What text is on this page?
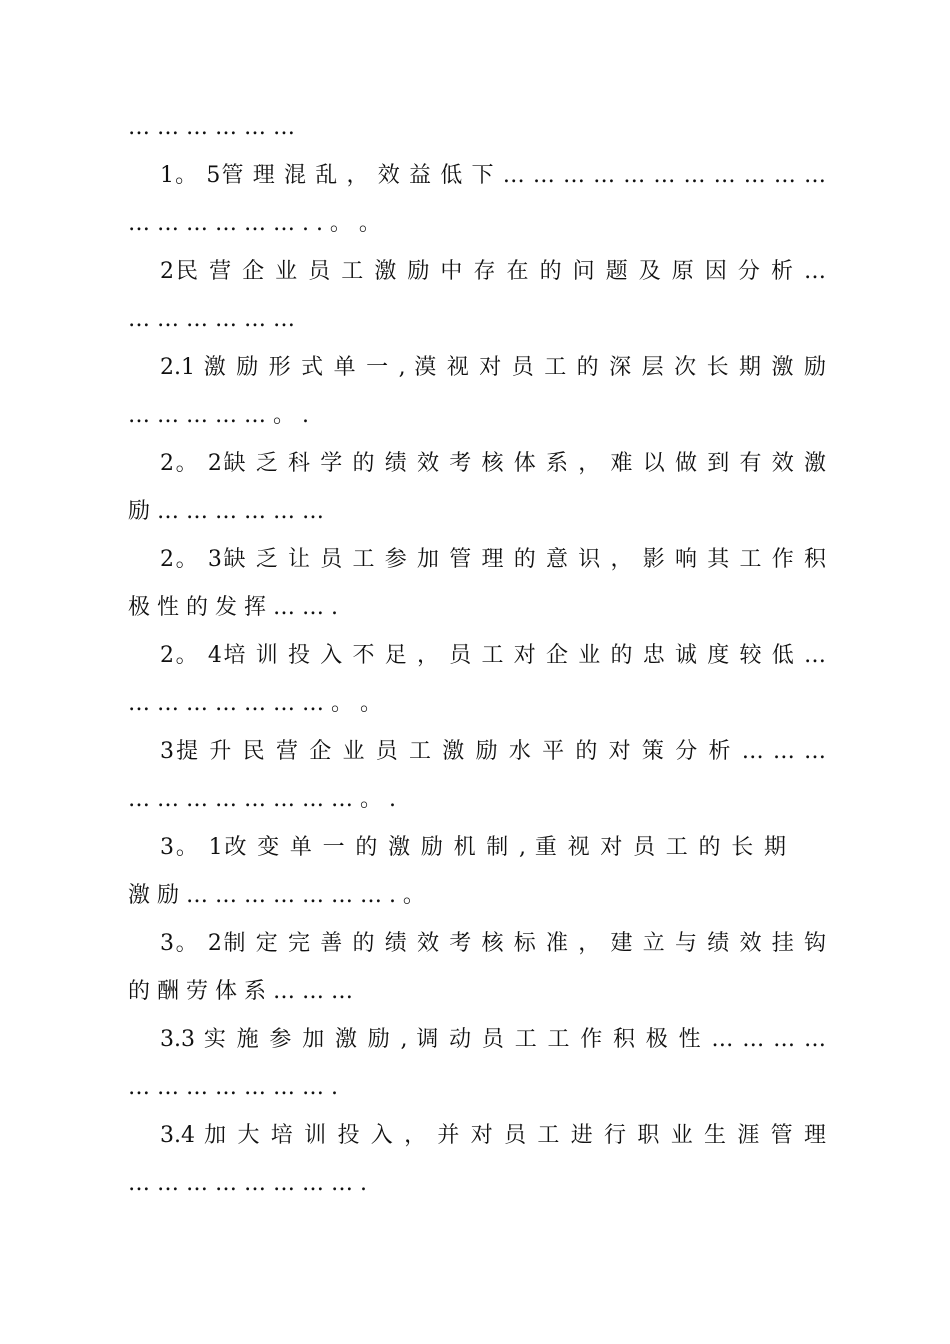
… … … … … …
1。 5管 理 混 乱 ， 效 益 低 下 … … … … … … … … … … …
… … … … … … . . 。 。
2民 营 企 业 员 工 激 励 中 存 在 的 问 题 及 原 因 分 析 …
… … … … … …
2.1 激 励 形 式 单 一 , 漠 视 对 员 工 的 深 层 次 长 期 激 励
… … … … … 。 .
2。 2缺 乏 科 学 的 绩 效 考 核 体 系 ， 难 以 做 到 有 效 激
励 … … … … … …
2。 3缺 乏 让 员 工 参 加 管 理 的 意 识 ， 影 响 其 工 作 积
极 性 的 发 挥 … … .
2。 4培 训 投 入 不 足 ， 员 工 对 企 业 的 忠 诚 度 较 低 …
… … … … … … … 。 。
3提 升 民 营 企 业 员 工 激 励 水 平 的 对 策 分 析 … … …
… … … … … … … … 。 .
3。 1改 变 单 一 的 激 励 机 制 , 重 视 对 员 工 的 长 期
激 励 … … … … … … … . 。
3。 2制 定 完 善 的 绩 效 考 核 标 准 ， 建 立 与 绩 效 挂 钩
的 酬 劳 体 系 … … …
3.3 实 施 参 加 激 励 , 调 动 员 工 工 作 积 极 性 … … … …
… … … … … … … .
3.4 加 大 培 训 投 入 ， 并 对 员 工 进 行 职 业 生 涯 管 理
… … … … … … … … .
